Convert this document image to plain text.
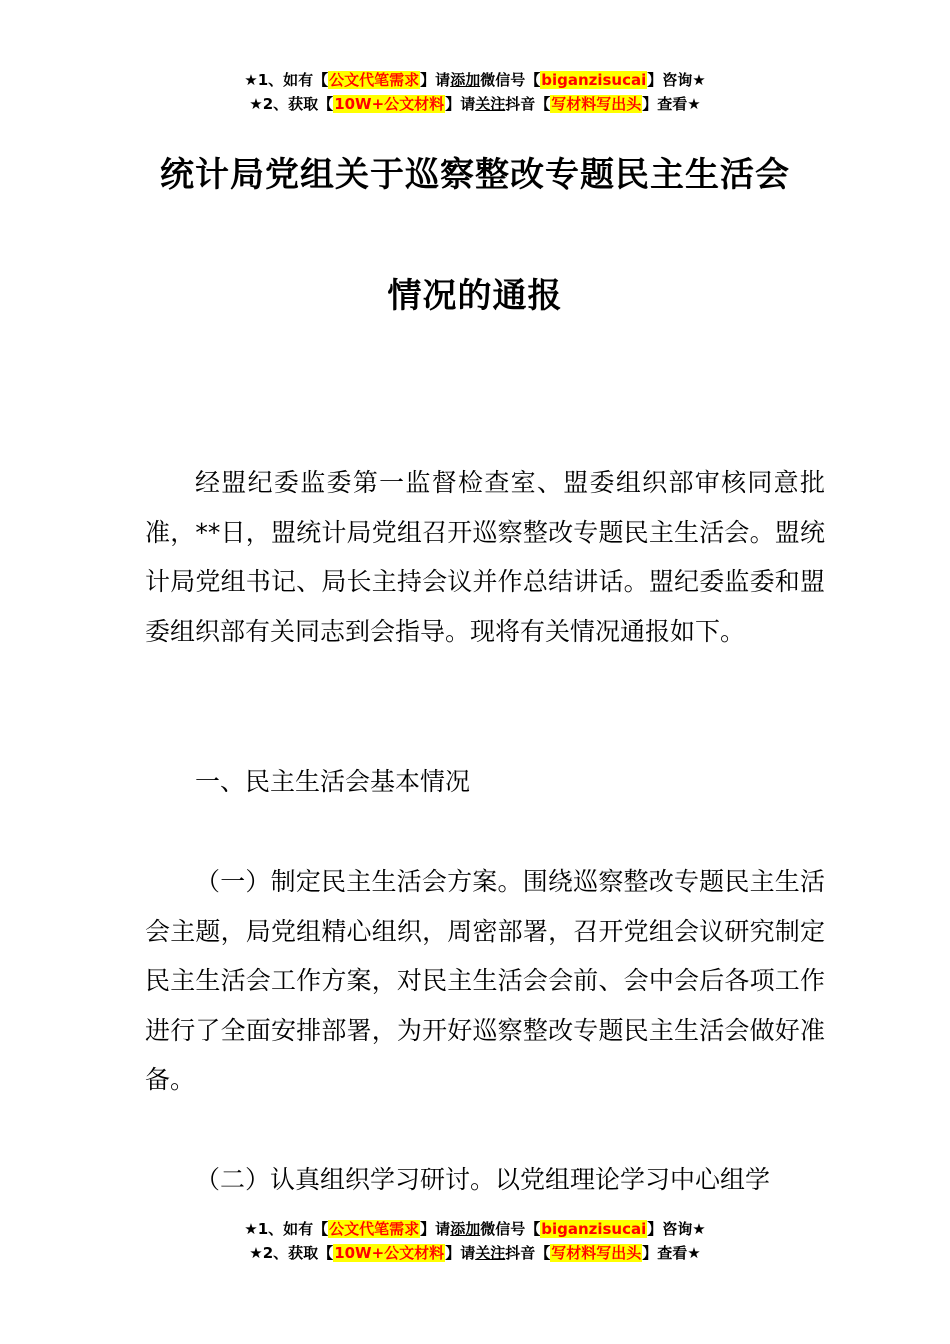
★1、如有【公文代笔需求】请添加微信号【biganzisucai】咨询★
★2、获取【10W+公文材料】请关注抖音【写材料写出头】查看★
统计局党组关于巡察整改专题民主生活会
情况的通报

经盟纪委监委第一监督检查室、盟委组织部审核同意批准，**日，盟统计局党组召开巡察整改专题民主生活会。盟统计局党组书记、局长主持会议并作总结讲话。盟纪委监委和盟委组织部有关同志到会指导。现将有关情况通报如下。

一、民主生活会基本情况

（一）制定民主生活会方案。围绕巡察整改专题民主生活会主题，局党组精心组织，周密部署，召开党组会议研究制定民主生活会工作方案，对民主生活会会前、会中会后各项工作进行了全面安排部署，为开好巡察整改专题民主生活会做好准备。

（二）认真组织学习研讨。以党组理论学习中心组学

★1、如有【公文代笔需求】请添加微信号【biganzisucai】咨询★
★2、获取【10W+公文材料】请关注抖音【写材料写出头】查看★
